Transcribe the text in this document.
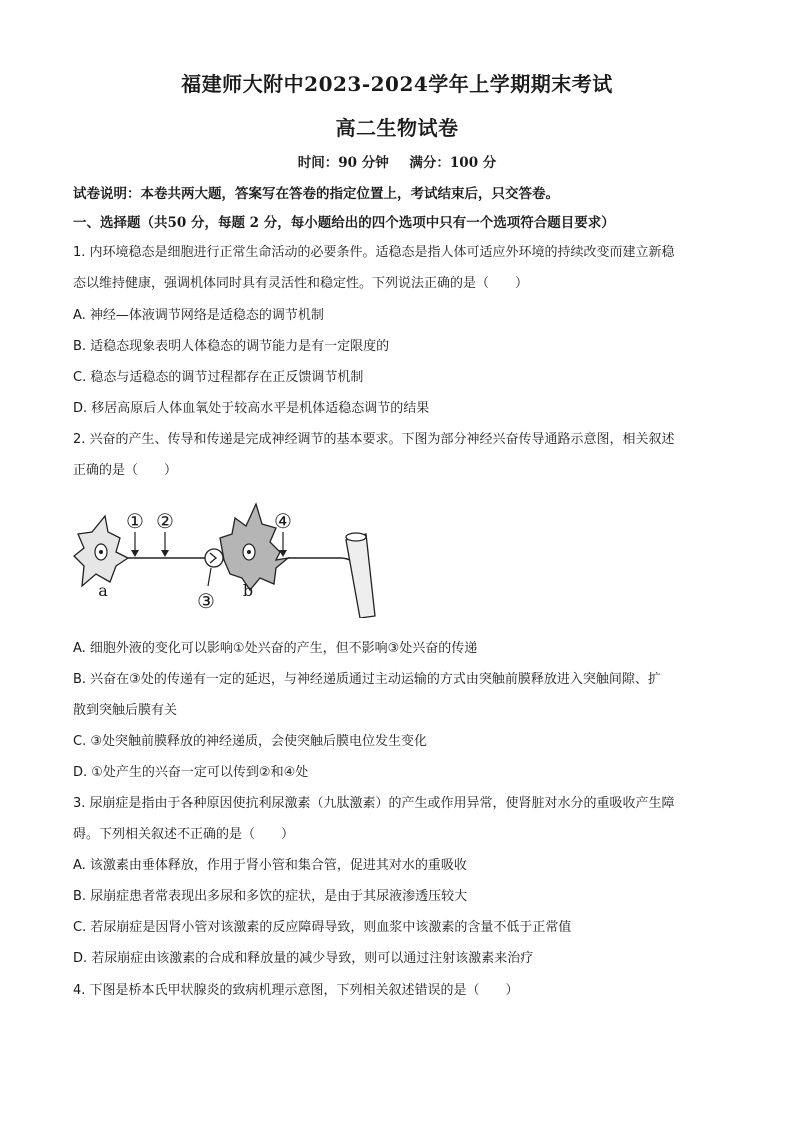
福建师大附中2023-2024学年上学期期末考试
高二生物试卷
时间：90 分钟 满分：100 分
试卷说明：本卷共两大题，答案写在答卷的指定位置上，考试结束后，只交答卷。
一、选择题（共50 分，每题 2 分，每小题给出的四个选项中只有一个选项符合题目要求）
1. 内环境稳态是细胞进行正常生命活动的必要条件。适稳态是指人体可适应外环境的持续改变而建立新稳
态以维持健康，强调机体同时具有灵活性和稳定性。下列说法正确的是（　　）
A. 神经—体液调节网络是适稳态的调节机制
B. 适稳态现象表明人体稳态的调节能力是有一定限度的
C. 稳态与适稳态的调节过程都存在正反馈调节机制
D. 移居高原后人体血氧处于较高水平是机体适稳态调节的结果
2. 兴奋的产生、传导和传递是完成神经调节的基本要求。下图为部分神经兴奋传导通路示意图，相关叙述
正确的是（　　）
① ②
③
④
a	b
A. 细胞外液的变化可以影响①处兴奋的产生，但不影响③处兴奋的传递
B. 兴奋在③处的传递有一定的延迟，与神经递质通过主动运输的方式由突触前膜释放进入突触间隙、扩
散到突触后膜有关
C. ③处突触前膜释放的神经递质，会使突触后膜电位发生变化
D. ①处产生的兴奋一定可以传到②和④处
3. 尿崩症是指由于各种原因使抗利尿激素（九肽激素）的产生或作用异常，使肾脏对水分的重吸收产生障
碍。下列相关叙述不正确的是（　　）
A. 该激素由垂体释放，作用于肾小管和集合管，促进其对水的重吸收
B. 尿崩症患者常表现出多尿和多饮的症状，是由于其尿液渗透压较大
C. 若尿崩症是因肾小管对该激素的反应障碍导致，则血浆中该激素的含量不低于正常值
D. 若尿崩症由该激素的合成和释放量的减少导致，则可以通过注射该激素来治疗
4. 下图是桥本氏甲状腺炎的致病机理示意图，下列相关叙述错误的是（　　）
